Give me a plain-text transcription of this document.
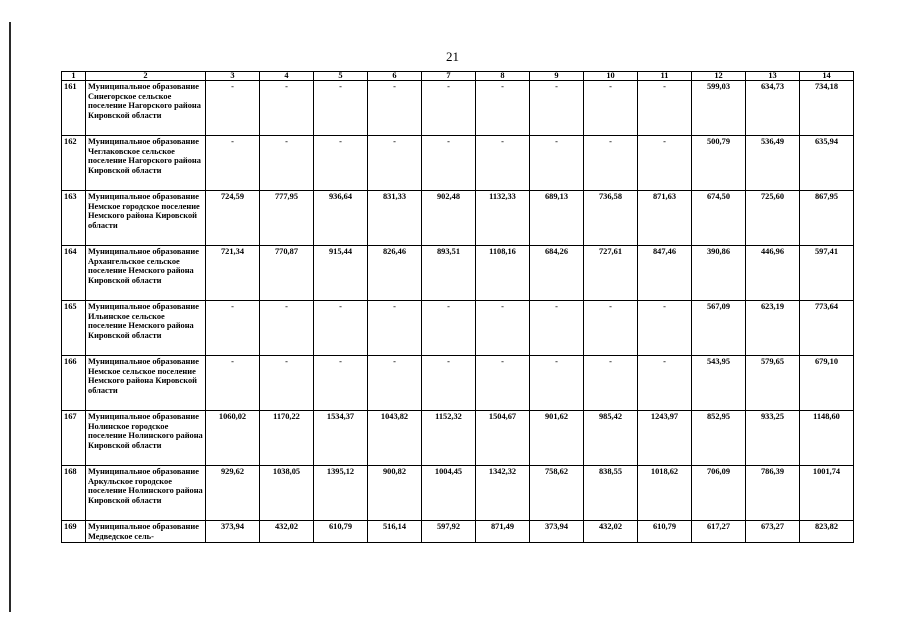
21
1	2	3	4	5	6	7	8	9	10	11	12	13	14
161	Муниципальное образование Синегорское сельское поселение Нагорского района Кировской области	-	-	-	-	-	-	-	-	-	599,03	634,73	734,18
162	Муниципальное образование Чеглаковское сельское поселение Нагорского района Кировской области	-	-	-	-	-	-	-	-	-	500,79	536,49	635,94
163	Муниципальное образование Немское городское поселение Немского района Кировской области	724,59	777,95	936,64	831,33	902,48	1132,33	689,13	736,58	871,63	674,50	725,60	867,95
164	Муниципальное образование Архангельское сельское поселение Немского района Кировской области	721,34	770,87	915,44	826,46	893,51	1108,16	684,26	727,61	847,46	390,86	446,96	597,41
165	Муниципальное образование Ильинское сельское поселение Немского района Кировской области	-	-	-	-	-	-	-	-	-	567,09	623,19	773,64
166	Муниципальное образование Немское сельское поселение Немского района Кировской области	-	-	-	-	-	-	-	-	-	543,95	579,65	679,10
167	Муниципальное образование Нолинское городское поселение Нолинского района Кировской области	1060,02	1170,22	1534,37	1043,82	1152,32	1504,67	901,62	985,42	1243,97	852,95	933,25	1148,60
168	Муниципальное образование Аркульское городское поселение Нолинского района Кировской области	929,62	1038,05	1395,12	900,82	1004,45	1342,32	758,62	838,55	1018,62	706,09	786,39	1001,74
169	Муниципальное образование Медведское сель-	373,94	432,02	610,79	516,14	597,92	871,49	373,94	432,02	610,79	617,27	673,27	823,82
